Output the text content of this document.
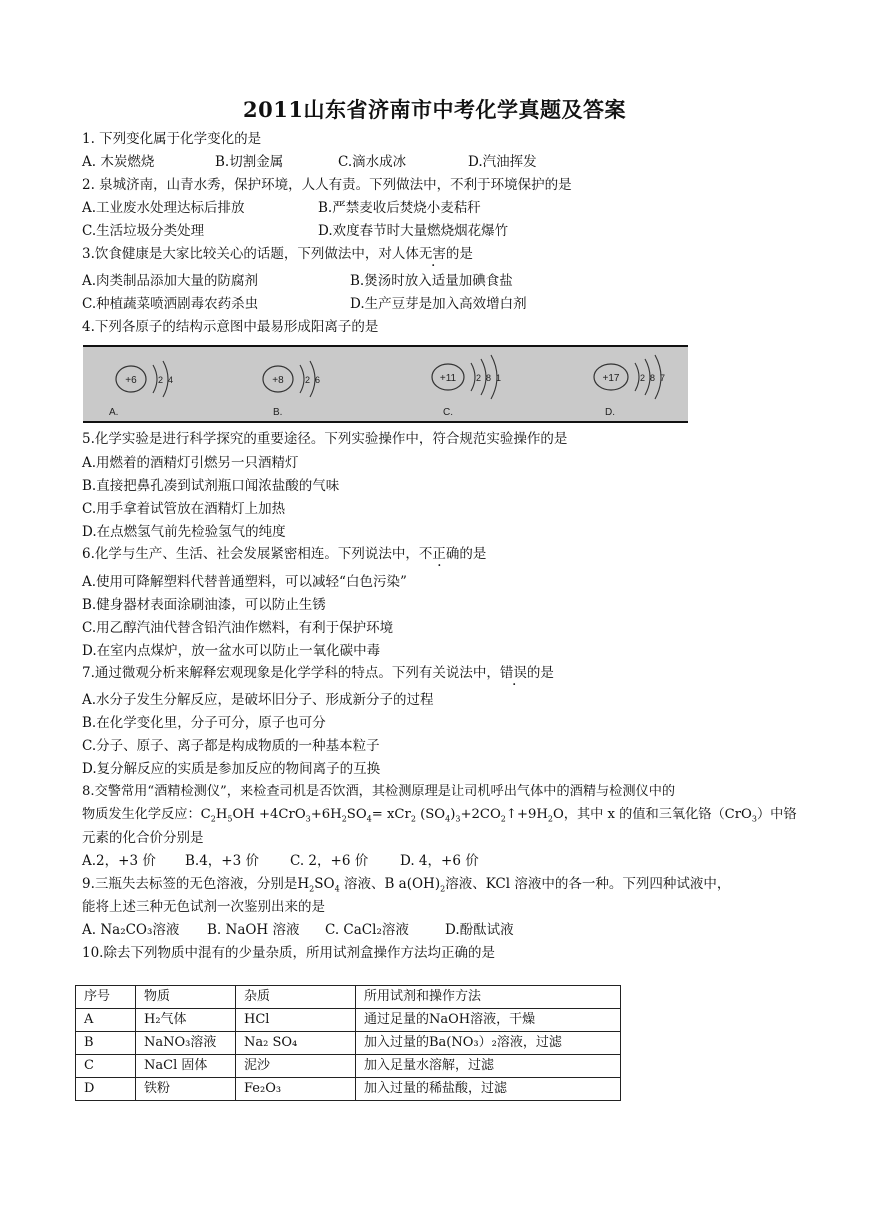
2011山东省济南市中考化学真题及答案
1. 下列变化属于化学变化的是
A. 木炭燃烧	B.切割金属	C.滴水成冰	D.汽油挥发
2. 泉城济南，山青水秀，保护环境，人人有责。下列做法中，不利于环境保护的是
A.工业废水处理达标后排放	B.严禁麦收后焚烧小麦秸秆
C.生活垃圾分类处理	D.欢度春节时大量燃烧烟花爆竹
3.饮食健康是大家比较关心的话题，下列做法中，对人体无害的是
A.肉类制品添加大量的防腐剂	B.煲汤时放入适量加碘食盐
C.种植蔬菜喷洒剧毒农药杀虫	D.生产豆芽是加入高效增白剂
4.下列各原子的结构示意图中最易形成阳离子的是
+6 2 4
A.
+8 2 6
B.
+11 2 8 1
C.
+17 2 8 7
D.
5.化学实验是进行科学探究的重要途径。下列实验操作中，符合规范实验操作的是
A.用燃着的酒精灯引燃另一只酒精灯
B.直接把鼻孔凑到试剂瓶口闻浓盐酸的气味
C.用手拿着试管放在酒精灯上加热
D.在点燃氢气前先检验氢气的纯度
6.化学与生产、生活、社会发展紧密相连。下列说法中，不正确的是
A.使用可降解塑料代替普通塑料，可以减轻“白色污染”
B.健身器材表面涂刷油漆，可以防止生锈
C.用乙醇汽油代替含铅汽油作燃料，有利于保护环境
D.在室内点煤炉，放一盆水可以防止一氧化碳中毒
7.通过微观分析来解释宏观现象是化学学科的特点。下列有关说法中，错误的是
A.水分子发生分解反应，是破坏旧分子、形成新分子的过程
B.在化学变化里，分子可分，原子也可分
C.分子、原子、离子都是构成物质的一种基本粒子
D.复分解反应的实质是参加反应的物间离子的互换
8.交警常用“酒精检测仪”，来检查司机是否饮酒，其检测原理是让司机呼出气体中的酒精与检测仪中的
物质发生化学反应：$C_2H_5OH +4CrO_3+6H_2SO_4= xCr_2$ $(SO_4)_3+2CO_2↑+9H_2O$，其中 x 的值和三氧化铬（CrO$_3$）中铬
元素的化合价分别是
A.2，+3 价 B.4，+3 价 C. 2，+6 价 D. 4，+6 价
9.三瓶失去标签的无色溶液，分别是$H_2SO_4$ 溶液、B $a(OH)_2$溶液、KCl 溶液中的各一种。下列四种试液中，
能将上述三种无色试剂一次鉴别出来的是
A. Na₂CO₃溶液 B. NaOH 溶液 C. CaCl₂溶液	D.酚酞试液
10.除去下列物质中混有的少量杂质，所用试剂盒操作方法均正确的是
序号	物质	杂质	所用试剂和操作方法
A	H₂气体	HCl	通过足量的NaOH溶液，干燥
B	NaNO₃溶液	Na₂ SO₄	加入过量的Ba(NO₃）₂溶液，过滤
C	NaCl 固体	泥沙	加入足量水溶解，过滤
D	铁粉	Fe₂O₃	加入过量的稀盐酸，过滤
